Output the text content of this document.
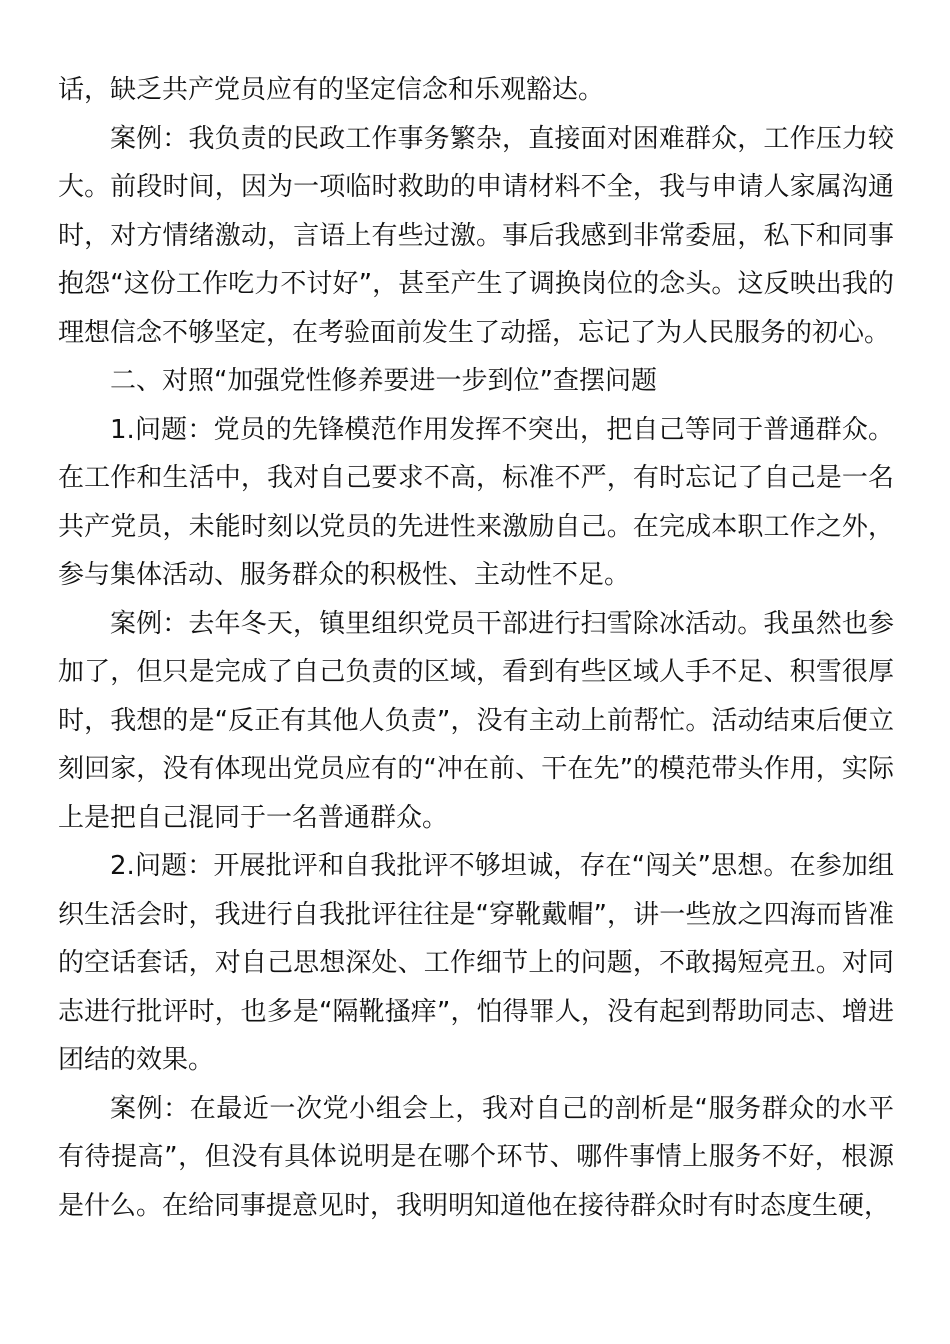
话，缺乏共产党员应有的坚定信念和乐观豁达。

案例：我负责的民政工作事务繁杂，直接面对困难群众，工作压力较大。前段时间，因为一项临时救助的申请材料不全，我与申请人家属沟通时，对方情绪激动，言语上有些过激。事后我感到非常委屈，私下和同事抱怨“这份工作吃力不讨好”，甚至产生了调换岗位的念头。这反映出我的理想信念不够坚定，在考验面前发生了动摇，忘记了为人民服务的初心。

二、对照“加强党性修养要进一步到位”查摆问题

1.问题：党员的先锋模范作用发挥不突出，把自己等同于普通群众。在工作和生活中，我对自己要求不高，标准不严，有时忘记了自己是一名共产党员，未能时刻以党员的先进性来激励自己。在完成本职工作之外，参与集体活动、服务群众的积极性、主动性不足。

案例：去年冬天，镇里组织党员干部进行扫雪除冰活动。我虽然也参加了，但只是完成了自己负责的区域，看到有些区域人手不足、积雪很厚时，我想的是“反正有其他人负责”，没有主动上前帮忙。活动结束后便立刻回家，没有体现出党员应有的“冲在前、干在先”的模范带头作用，实际上是把自己混同于一名普通群众。

2.问题：开展批评和自我批评不够坦诚，存在“闯关”思想。在参加组织生活会时，我进行自我批评往往是“穿靴戴帽”，讲一些放之四海而皆准的空话套话，对自己思想深处、工作细节上的问题，不敢揭短亮丑。对同志进行批评时，也多是“隔靴搔痒”，怕得罪人，没有起到帮助同志、增进团结的效果。

案例：在最近一次党小组会上，我对自己的剖析是“服务群众的水平有待提高”，但没有具体说明是在哪个环节、哪件事情上服务不好，根源是什么。在给同事提意见时，我明明知道他在接待群众时有时态度生硬，
